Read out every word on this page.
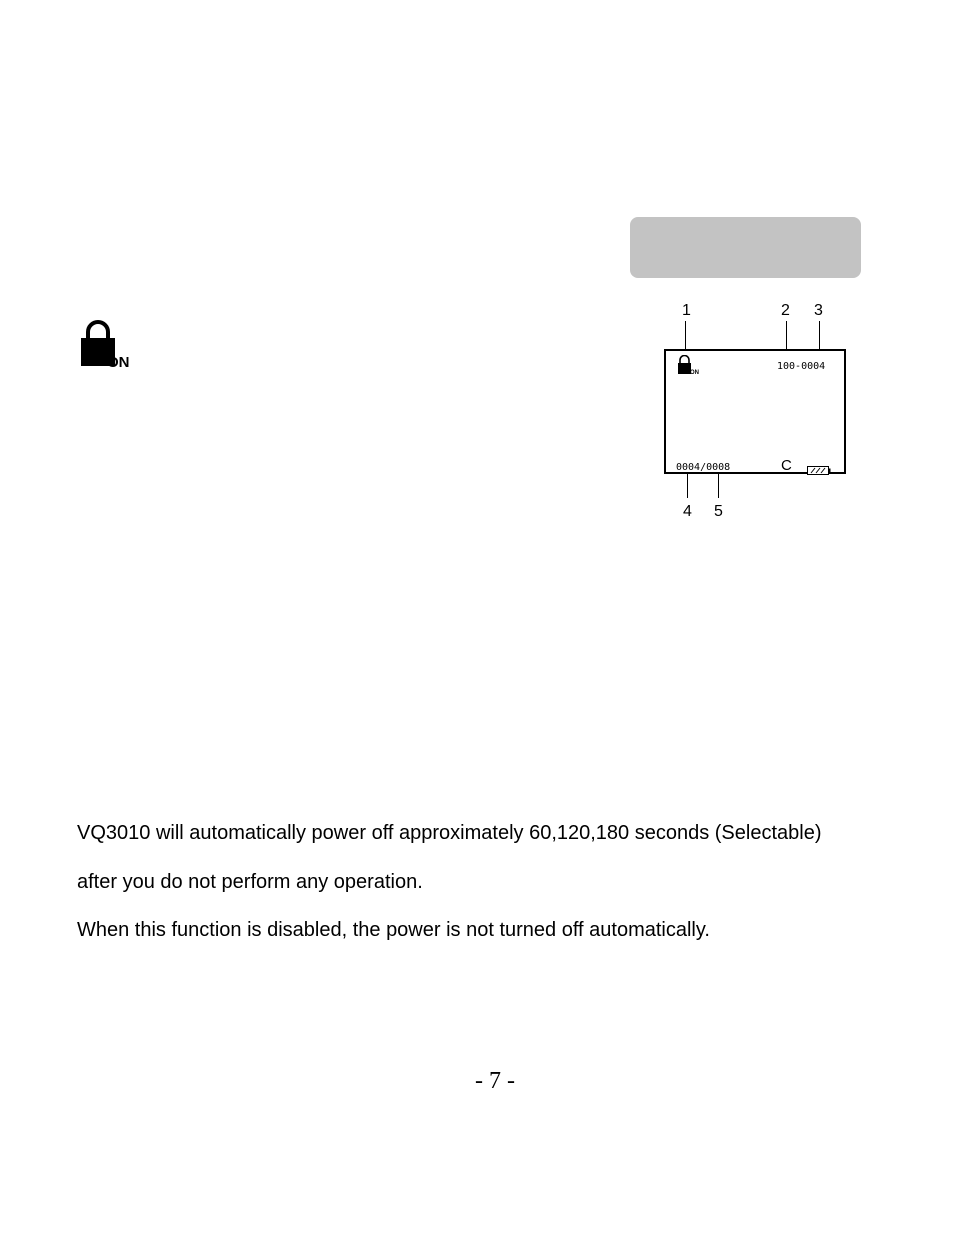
ON
1	2 3
ON
100-0004
0004/0008	C
4 5
VQ3010 will automatically power off approximately 60,120,180 seconds (Selectable)
after you do not perform any operation.
When this function is disabled, the power is not turned off automatically.
- 7 -
